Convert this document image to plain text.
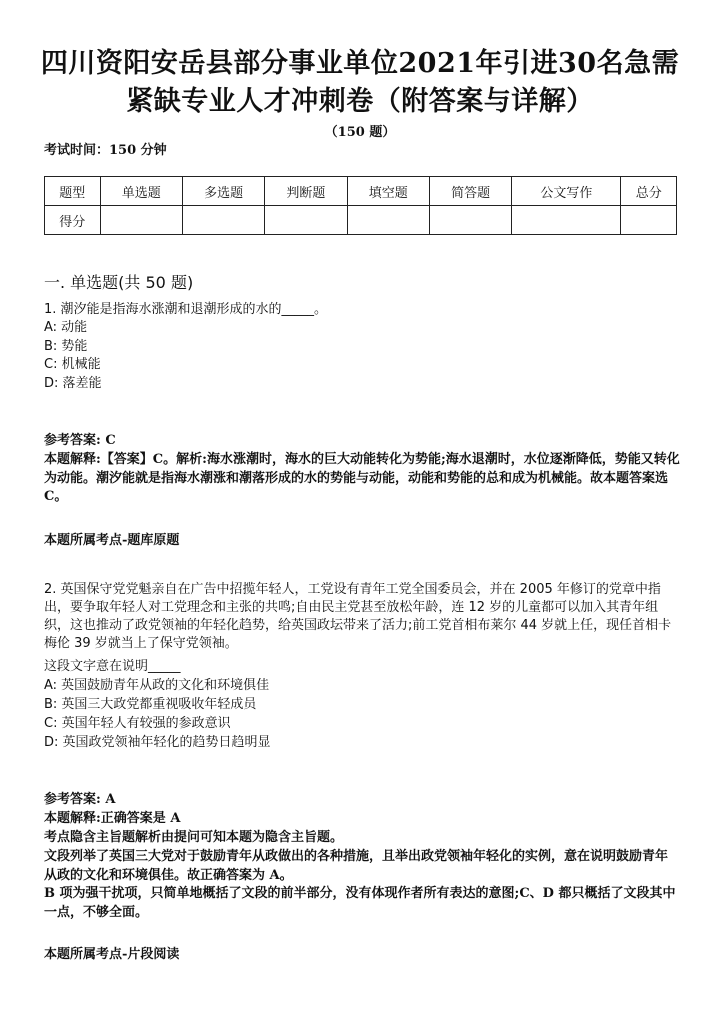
四川资阳安岳县部分事业单位2021年引进30名急需
紧缺专业人才冲刺卷（附答案与详解）
（150 题）
考试时间：150 分钟
题型	单选题	多选题	判断题	填空题	简答题	公文写作	总分
得分							
一. 单选题(共 50 题)
1. 潮汐能是指海水涨潮和退潮形成的水的_____。
A: 动能
B: 势能
C: 机械能
D: 落差能
参考答案: C
本题解释:【答案】C。解析:海水涨潮时，海水的巨大动能转化为势能;海水退潮时，水位逐渐降低，势能又转化为动能。潮汐能就是指海水潮涨和潮落形成的水的势能与动能，动能和势能的总和成为机械能。故本题答案选 C。
本题所属考点-题库原题
2. 英国保守党党魁亲自在广告中招揽年轻人，工党设有青年工党全国委员会，并在 2005 年修订的党章中指出，要争取年轻人对工党理念和主张的共鸣;自由民主党甚至放松年龄，连 12 岁的儿童都可以加入其青年组织，这也推动了政党领袖的年轻化趋势，给英国政坛带来了活力;前工党首相布莱尔 44 岁就上任，现任首相卡梅伦 39 岁就当上了保守党领袖。
这段文字意在说明_____
A: 英国鼓励青年从政的文化和环境俱佳
B: 英国三大政党都重视吸收年轻成员
C: 英国年轻人有较强的参政意识
D: 英国政党领袖年轻化的趋势日趋明显
参考答案: A
本题解释:正确答案是 A
考点隐含主旨题解析由提问可知本题为隐含主旨题。
文段列举了英国三大党对于鼓励青年从政做出的各种措施，且举出政党领袖年轻化的实例，意在说明鼓励青年从政的文化和环境俱佳。故正确答案为 A。
B 项为强干扰项，只简单地概括了文段的前半部分，没有体现作者所有表达的意图;C、D 都只概括了文段其中一点，不够全面。
本题所属考点-片段阅读
